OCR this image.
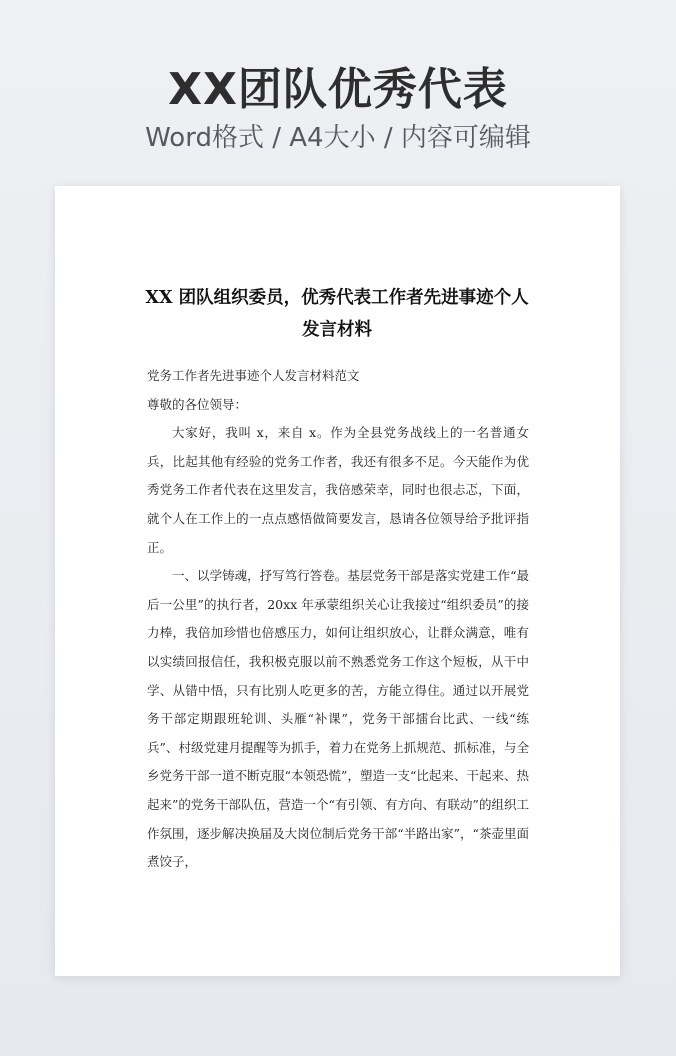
XX团队优秀代表
Word格式 / A4大小 / 内容可编辑
XX 团队组织委员，优秀代表工作者先进事迹个人发言材料

党务工作者先进事迹个人发言材料范文

尊敬的各位领导：

大家好，我叫 x，来自 x。作为全县党务战线上的一名普通女兵，比起其他有经验的党务工作者，我还有很多不足。今天能作为优秀党务工作者代表在这里发言，我倍感荣幸，同时也很忐忑，下面，就个人在工作上的一点点感悟做简要发言，恳请各位领导给予批评指正。

一、以学铸魂，抒写笃行答卷。基层党务干部是落实党建工作“最后一公里”的执行者，20xx 年承蒙组织关心让我接过“组织委员”的接力棒，我倍加珍惜也倍感压力，如何让组织放心，让群众满意，唯有以实绩回报信任，我积极克服以前不熟悉党务工作这个短板，从干中学、从错中悟，只有比别人吃更多的苦，方能立得住。通过以开展党务干部定期跟班轮训、头雁“补课”，党务干部擂台比武、一线“练兵”、村级党建月提醒等为抓手，着力在党务上抓规范、抓标准，与全乡党务干部一道不断克服“本领恐慌”，塑造一支“比起来、干起来、热起来”的党务干部队伍，营造一个“有引领、有方向、有联动”的组织工作氛围，逐步解决换届及大岗位制后党务干部“半路出家”，“茶壶里面煮饺子，
